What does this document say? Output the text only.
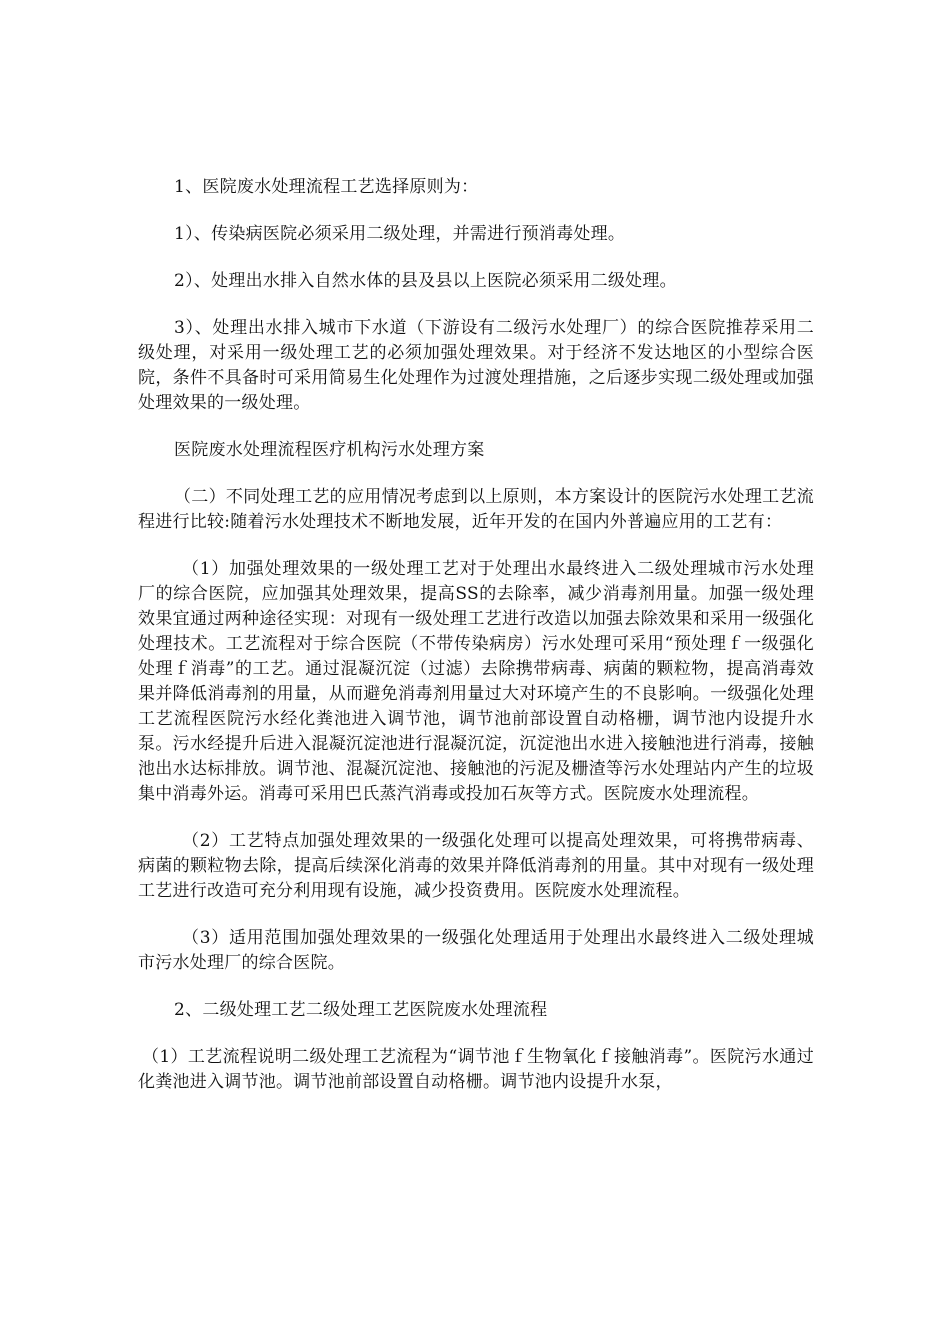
1、医院废水处理流程工艺选择原则为：

1）、传染病医院必须采用二级处理，并需进行预消毒处理。

2）、处理出水排入自然水体的县及县以上医院必须采用二级处理。

3）、处理出水排入城市下水道（下游设有二级污水处理厂）的综合医院推荐采用二级处理，对采用一级处理工艺的必须加强处理效果。对于经济不发达地区的小型综合医院，条件不具备时可采用简易生化处理作为过渡处理措施，之后逐步实现二级处理或加强处理效果的一级处理。

医院废水处理流程医疗机构污水处理方案

（二）不同处理工艺的应用情况考虑到以上原则，本方案设计的医院污水处理工艺流程进行比较:随着污水处理技术不断地发展，近年开发的在国内外普遍应用的工艺有：

（1）加强处理效果的一级处理工艺对于处理出水最终进入二级处理城市污水处理厂的综合医院，应加强其处理效果，提高SS的去除率，减少消毒剂用量。加强一级处理效果宜通过两种途径实现：对现有一级处理工艺进行改造以加强去除效果和采用一级强化处理技术。工艺流程对于综合医院（不带传染病房）污水处理可采用“预处理ｆ一级强化处理ｆ消毒”的工艺。通过混凝沉淀（过滤）去除携带病毒、病菌的颗粒物，提高消毒效果并降低消毒剂的用量，从而避免消毒剂用量过大对环境产生的不良影响。一级强化处理工艺流程医院污水经化粪池进入调节池，调节池前部设置自动格栅，调节池内设提升水泵。污水经提升后进入混凝沉淀池进行混凝沉淀，沉淀池出水进入接触池进行消毒，接触池出水达标排放。调节池、混凝沉淀池、接触池的污泥及栅渣等污水处理站内产生的垃圾集中消毒外运。消毒可采用巴氏蒸汽消毒或投加石灰等方式。医院废水处理流程。

（2）工艺特点加强处理效果的一级强化处理可以提高处理效果，可将携带病毒、病菌的颗粒物去除，提高后续深化消毒的效果并降低消毒剂的用量。其中对现有一级处理工艺进行改造可充分利用现有设施，减少投资费用。医院废水处理流程。

（3）适用范围加强处理效果的一级强化处理适用于处理出水最终进入二级处理城市污水处理厂的综合医院。

2、二级处理工艺二级处理工艺医院废水处理流程

（1）工艺流程说明二级处理工艺流程为“调节池ｆ生物氧化ｆ接触消毒”。医院污水通过化粪池进入调节池。调节池前部设置自动格栅。调节池内设提升水泵，
